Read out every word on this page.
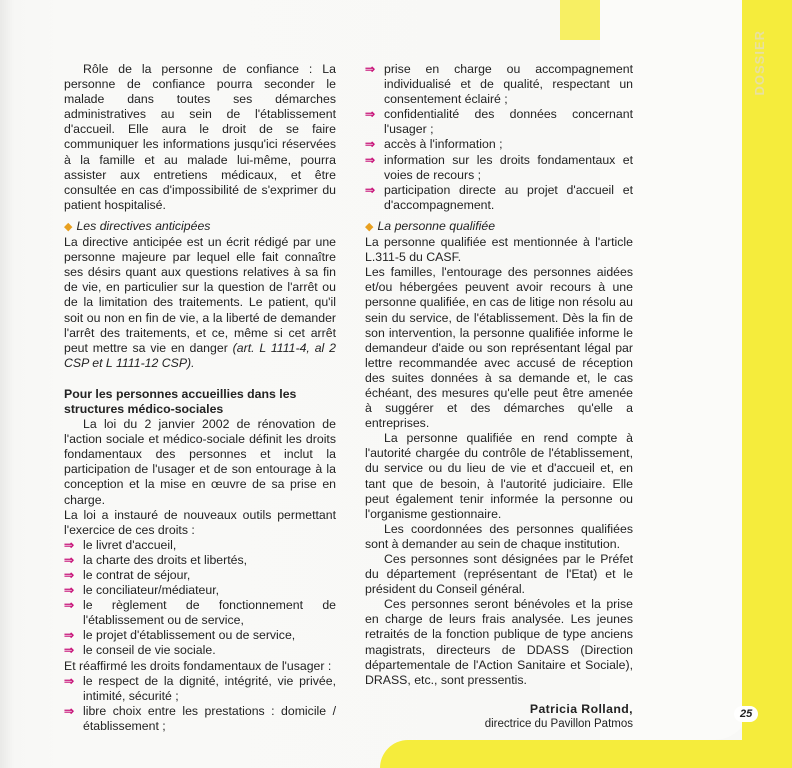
DOSSIER
25

Rôle de la personne de confiance : La personne de confiance pourra seconder le malade dans toutes ses démarches administratives au sein de l'établissement d'accueil. Elle aura le droit de se faire communiquer les informations jusqu'ici réservées à la famille et au malade lui-même, pourra assister aux entretiens médicaux, et être consultée en cas d'impossibilité de s'exprimer du patient hospitalisé.

◆ Les directives anticipées

La directive anticipée est un écrit rédigé par une personne majeure par lequel elle fait connaître ses désirs quant aux questions relatives à sa fin de vie, en particulier sur la question de l'arrêt ou de la limitation des traitements. Le patient, qu'il soit ou non en fin de vie, a la liberté de demander l'arrêt des traitements, et ce, même si cet arrêt peut mettre sa vie en danger (art. L 1111-4, al 2 CSP et L 1111-12 CSP).

Pour les personnes accueillies dans les structures médico-sociales

La loi du 2 janvier 2002 de rénovation de l'action sociale et médico-sociale définit les droits fondamentaux des personnes et inclut la participation de l'usager et de son entourage à la conception et la mise en œuvre de sa prise en charge.

La loi a instauré de nouveaux outils permettant l'exercice de ces droits :

⇒ le livret d'accueil,
⇒ la charte des droits et libertés,
⇒ le contrat de séjour,
⇒ le conciliateur/médiateur,
⇒ le règlement de fonctionnement de l'établissement ou de service,
⇒ le projet d'établissement ou de service,
⇒ le conseil de vie sociale.

Et réaffirmé les droits fondamentaux de l'usager :

⇒ le respect de la dignité, intégrité, vie privée, intimité, sécurité ;
⇒ libre choix entre les prestations : domicile / établissement ;
⇒ prise en charge ou accompagnement individualisé et de qualité, respectant un consentement éclairé ;
⇒ confidentialité des données concernant l'usager ;
⇒ accès à l'information ;
⇒ information sur les droits fondamentaux et voies de recours ;
⇒ participation directe au projet d'accueil et d'accompagnement.

◆ La personne qualifiée

La personne qualifiée est mentionnée à l'article L.311-5 du CASF.

Les familles, l'entourage des personnes aidées et/ou hébergées peuvent avoir recours à une personne qualifiée, en cas de litige non résolu au sein du service, de l'établissement. Dès la fin de son intervention, la personne qualifiée informe le demandeur d'aide ou son représentant légal par lettre recommandée avec accusé de réception des suites données à sa demande et, le cas échéant, des mesures qu'elle peut être amenée à suggérer et des démarches qu'elle a entreprises.

La personne qualifiée en rend compte à l'autorité chargée du contrôle de l'établissement, du service ou du lieu de vie et d'accueil et, en tant que de besoin, à l'autorité judiciaire. Elle peut également tenir informée la personne ou l'organisme gestionnaire.

Les coordonnées des personnes qualifiées sont à demander au sein de chaque institution.

Ces personnes sont désignées par le Préfet du département (représentant de l'Etat) et le président du Conseil général.

Ces personnes seront bénévoles et la prise en charge de leurs frais analysée. Les jeunes retraités de la fonction publique de type anciens magistrats, directeurs de DDASS (Direction départementale de l'Action Sanitaire et Sociale), DRASS, etc., sont pressentis.

Patricia Rolland,

directrice du Pavillon Patmos
